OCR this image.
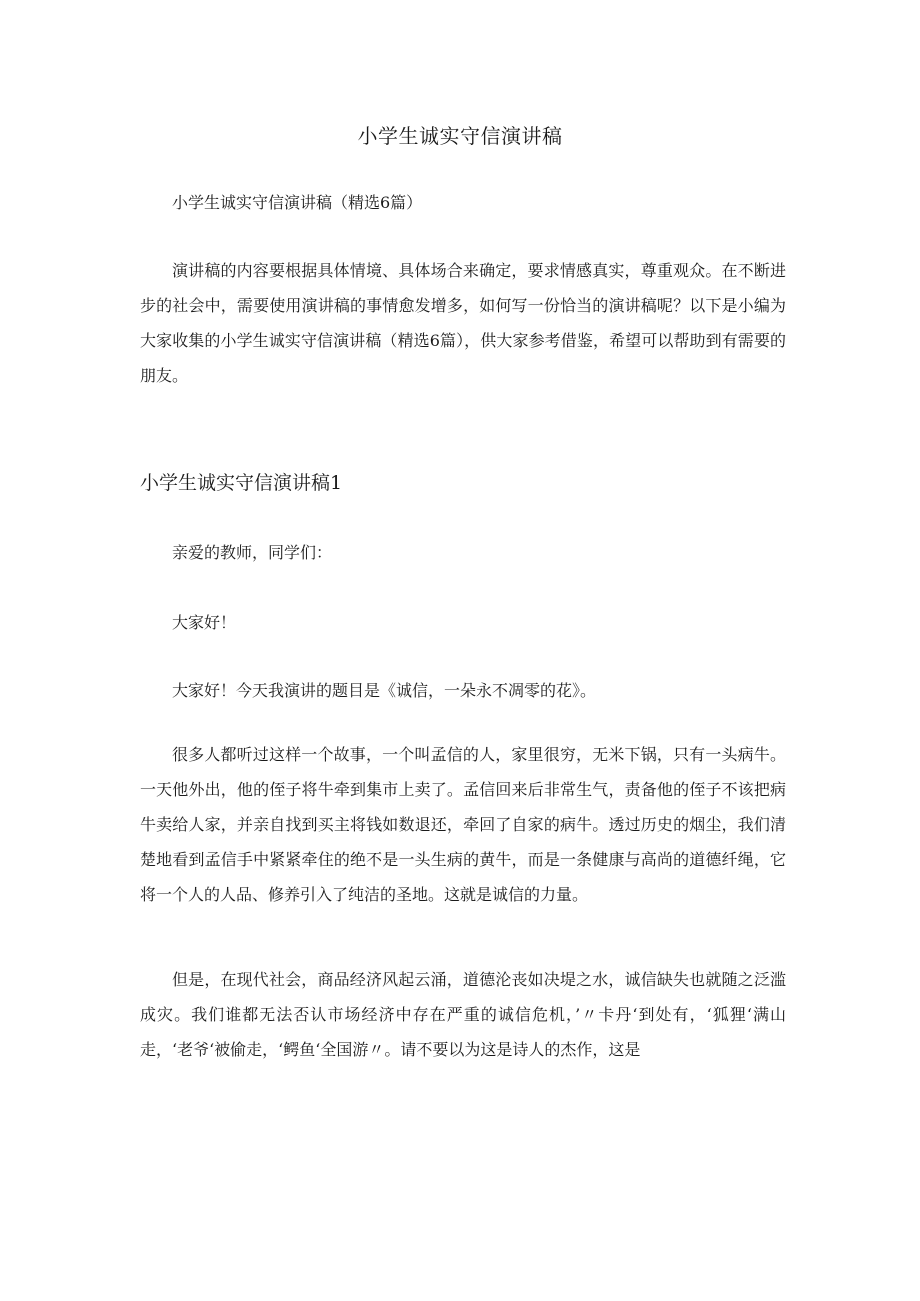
小学生诚实守信演讲稿
小学生诚实守信演讲稿（精选6篇）

演讲稿的内容要根据具体情境、具体场合来确定，要求情感真实，尊重观众。在不断进步的社会中，需要使用演讲稿的事情愈发增多，如何写一份恰当的演讲稿呢？以下是小编为大家收集的小学生诚实守信演讲稿（精选6篇），供大家参考借鉴，希望可以帮助到有需要的朋友。

小学生诚实守信演讲稿1
亲爱的教师，同学们：
大家好！
大家好！今天我演讲的题目是《诚信，一朵永不凋零的花》。

很多人都听过这样一个故事，一个叫孟信的人，家里很穷，无米下锅，只有一头病牛。一天他外出，他的侄子将牛牵到集市上卖了。孟信回来后非常生气，责备他的侄子不该把病牛卖给人家，并亲自找到买主将钱如数退还，牵回了自家的病牛。透过历史的烟尘，我们清楚地看到孟信手中紧紧牵住的绝不是一头生病的黄牛，而是一条健康与高尚的道德纤绳，它将一个人的人品、修养引入了纯洁的圣地。这就是诚信的力量。

但是，在现代社会，商品经济风起云涌，道德沦丧如决堤之水，诚信缺失也就随之泛滥成灾。我们谁都无法否认市场经济中存在严重的诚信危机，’〃卡丹‘到处有，‘狐狸‘满山走，‘老爷‘被偷走，‘鳄鱼‘全国游〃。请不要以为这是诗人的杰作，这是
